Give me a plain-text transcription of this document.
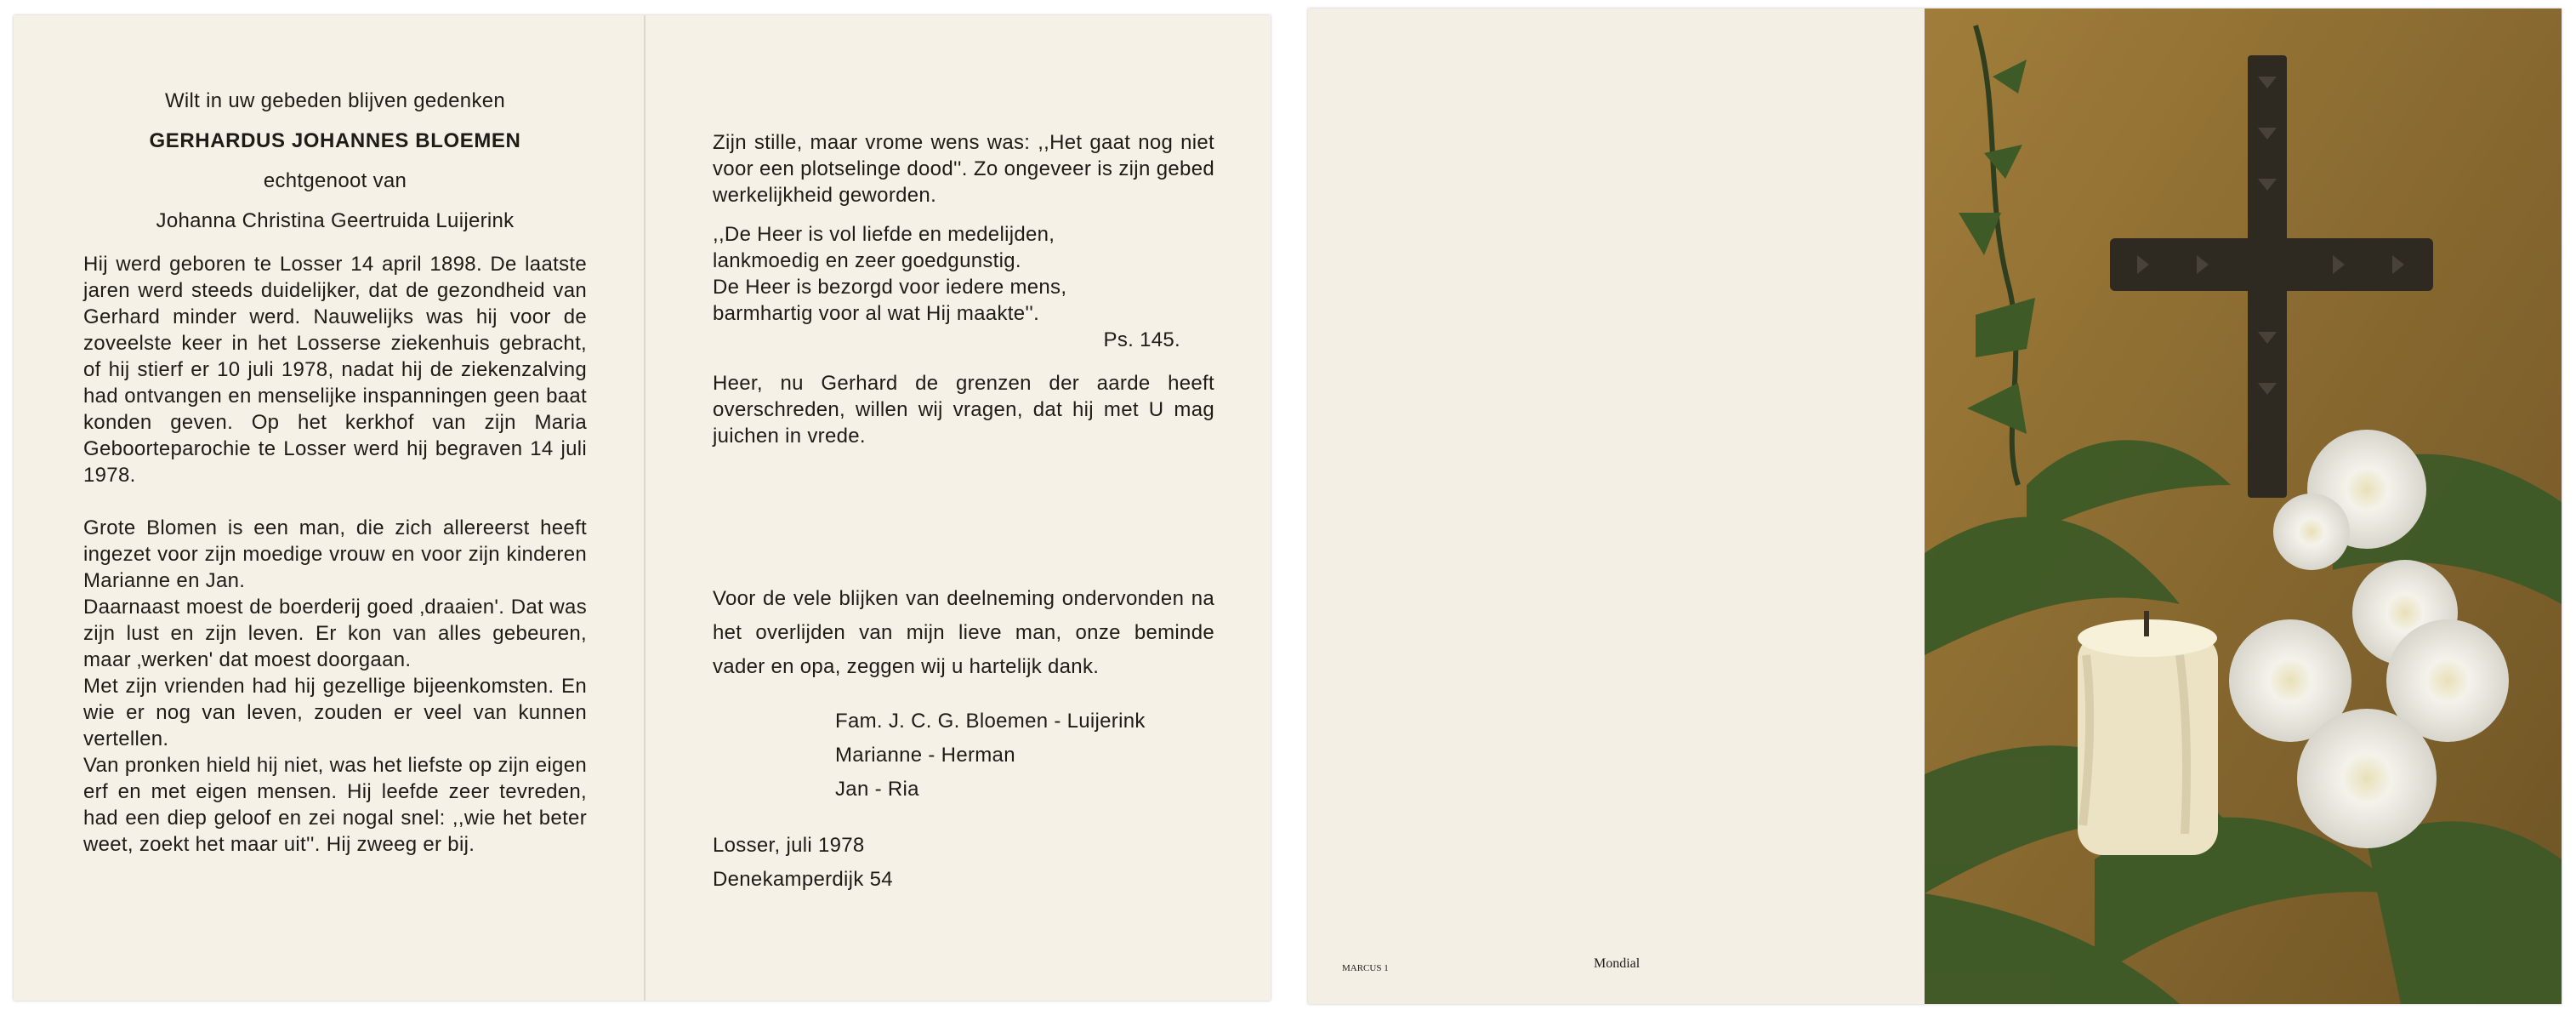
Wilt in uw gebeden blijven gedenken

GERHARDUS JOHANNES BLOEMEN

echtgenoot van

Johanna Christina Geertruida Luijerink

Hij werd geboren te Losser 14 april 1898. De laatste jaren werd steeds duidelijker, dat de gezondheid van Gerhard minder werd. Nauwelijks was hij voor de zoveelste keer in het Losserse ziekenhuis gebracht, of hij stierf er 10 juli 1978, nadat hij de ziekenzalving had ontvangen en menselijke inspanningen geen baat konden geven. Op het kerkhof van zijn Maria Geboorteparochie te Losser werd hij begraven 14 juli 1978.

Grote Blomen is een man, die zich allereerst heeft ingezet voor zijn moedige vrouw en voor zijn kinderen Marianne en Jan.

Daarnaast moest de boerderij goed ‚draaien'. Dat was zijn lust en zijn leven. Er kon van alles gebeuren, maar ‚werken' dat moest doorgaan.

Met zijn vrienden had hij gezellige bijeenkomsten. En wie er nog van leven, zouden er veel van kunnen vertellen.

Van pronken hield hij niet, was het liefste op zijn eigen erf en met eigen mensen. Hij leefde zeer tevreden, had een diep geloof en zei nogal snel: ,,wie het beter weet, zoekt het maar uit''. Hij zweeg er bij.

Zijn stille, maar vrome wens was: ,,Het gaat nog niet voor een plotselinge dood''. Zo ongeveer is zijn gebed werkelijkheid geworden.

,,De Heer is vol liefde en medelijden,

lankmoedig en zeer goedgunstig.

De Heer is bezorgd voor iedere mens,

barmhartig voor al wat Hij maakte''.

Ps. 145.

Heer, nu Gerhard de grenzen der aarde heeft overschreden, willen wij vragen, dat hij met U mag juichen in vrede.

Voor de vele blijken van deelneming ondervonden na het overlijden van mijn lieve man, onze beminde vader en opa, zeggen wij u hartelijk dank.

Fam. J. C. G. Bloemen - Luijerink

Marianne - Herman

Jan - Ria

Losser, juli 1978

Denekamperdijk 54

MARCUS 1	Mondial
